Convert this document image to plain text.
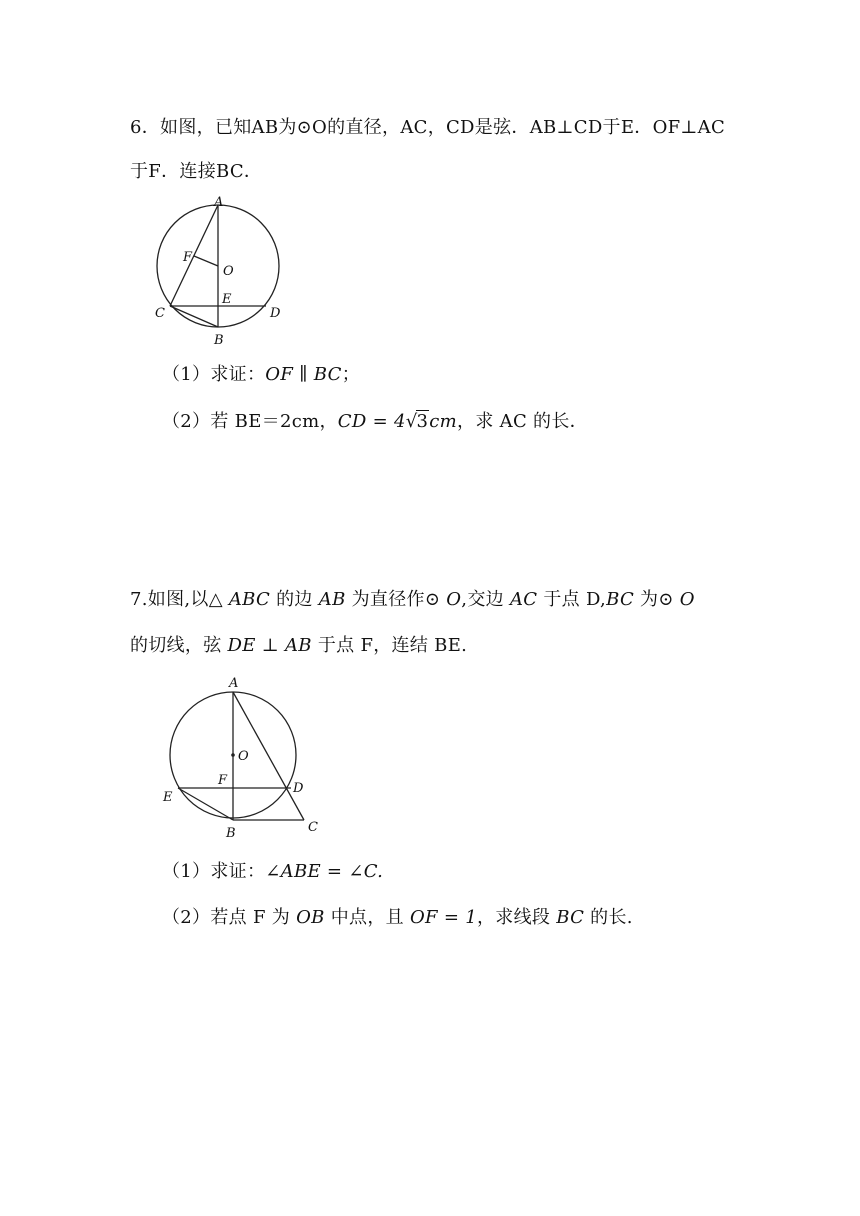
6．如图，已知AB为⊙O的直径，AC，CD是弦．AB⊥CD于E．OF⊥AC
于F．连接BC．
A
F
O
E
C	D
B
（1）求证：OF ∥ BC；
（2）若 BE＝2cm，CD = 4√3cm，求 AC 的长．
7.如图,以△ ABC 的边 AB 为直径作⊙ O,交边 AC 于点 D,BC 为⊙ O
的切线，弦 DE ⊥ AB 于点 F，连结 BE.
A
O
F
E
D
B	C
（1）求证：∠ABE = ∠C.
（2）若点 F 为 OB 中点，且 OF = 1，求线段 BC 的长.
